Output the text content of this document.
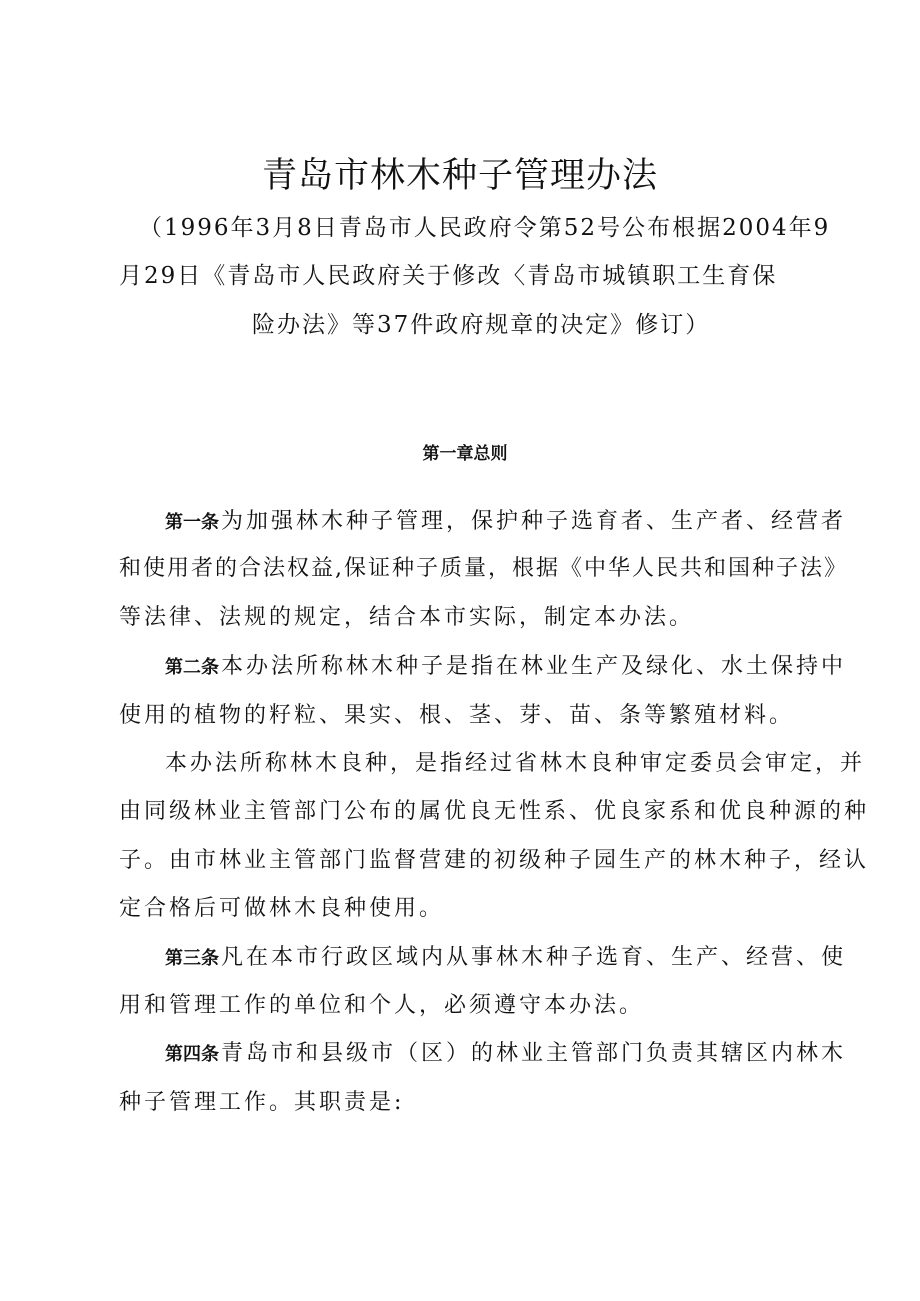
青岛市林木种子管理办法
（1996年3月8日青岛市人民政府令第52号公布根据2004年9
月29日《青岛市人民政府关于修改〈青岛市城镇职工生育保
险办法》等37件政府规章的决定》修订）
第一章总则
第一条为加强林木种子管理，保护种子选育者、生产者、经营者
和使用者的合法权益,保证种子质量，根据《中华人民共和国种子法》
等法律、法规的规定，结合本市实际，制定本办法。
第二条本办法所称林木种子是指在林业生产及绿化、水土保持中
使用的植物的籽粒、果实、根、茎、芽、苗、条等繁殖材料。
本办法所称林木良种，是指经过省林木良种审定委员会审定，并
由同级林业主管部门公布的属优良无性系、优良家系和优良种源的种
子。由市林业主管部门监督营建的初级种子园生产的林木种子，经认
定合格后可做林木良种使用。
第三条凡在本市行政区域内从事林木种子选育、生产、经营、使
用和管理工作的单位和个人，必须遵守本办法。
第四条青岛市和县级市（区）的林业主管部门负责其辖区内林木
种子管理工作。其职责是:
